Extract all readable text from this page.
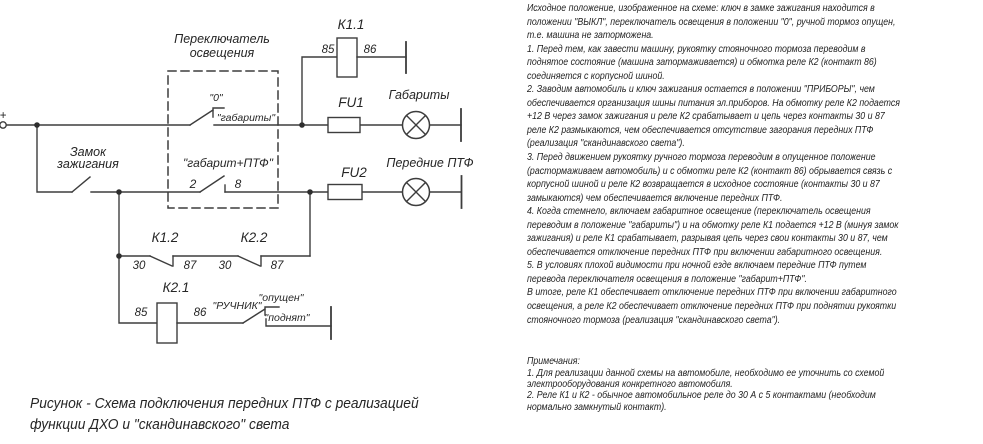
+
Переключатель
освещения
"0"
"габариты"
"габарит+ПТФ"
2	8
Замок
зажигания
К1.1
85	86
FU1 Габариты
FU2
Передние ПТФ
К1.2	К2.2
30	87 30	87
К2.1
85	86
"РУЧНИК"
"опущен"
"поднят"
Рисунок - Схема подключения передних ПТФ с реализацией
функции ДХО и "скандинавского" света
Исходное положение, изображенное на схеме: ключ в замке зажигания находится в
положении "ВЫКЛ", переключатель освещения в положении "0", ручной тормоз опущен,
т.е. машина не заторможена.
1. Перед тем, как завести машину, рукоятку стояночного тормоза переводим в
поднятое состояние (машина затормаживается) и обмотка реле К2 (контакт 86)
соединяется с корпусной шиной.
2. Заводим автомобиль и ключ зажигания остается в положении "ПРИБОРЫ", чем
обеспечивается организация шины питания эл.приборов. На обмотку реле К2 подается
+12 В через замок зажигания и реле К2 срабатывает и цепь через контакты 30 и 87
реле К2 размыкаются, чем обеспечивается отсутствие загорания передних ПТФ
(реализация "скандинавского света").
3. Перед движением рукоятку ручного тормоза переводим в опущенное положение
(растормаживаем автомобиль) и с обмотки реле К2 (контакт 86) обрывается связь с
корпусной шиной и реле К2 возвращается в исходное состояние (контакты 30 и 87
замыкаются) чем обеспечивается включение передних ПТФ.
4. Когда стемнело, включаем габаритное освещение (переключатель освещения
переводим в положение "габариты") и на обмотку реле К1 подается +12 В (минуя замок
зажигания) и реле К1 срабатывает, разрывая цепь через свои контакты 30 и 87, чем
обеспечивается отключение передних ПТФ при включении габаритного освещения.
5. В условиях плохой видимости при ночной езде включаем передние ПТФ путем
перевода переключателя освещения в положение "габарит+ПТФ".
В итоге, реле К1 обеспечивает отключение передних ПТФ при включении габаритного
освещения, а реле К2 обеспечивает отключение передних ПТФ при поднятии рукоятки
стояночного тормоза (реализация "скандинавского света").
Примечания:
1. Для реализации данной схемы на автомобиле, необходимо ее уточнить со схемой
электрооборудования конкретного автомобиля.
2. Реле К1 и К2 - обычное автомобильное реле до 30 А с 5 контактами (необходим
нормально замкнутый контакт).
